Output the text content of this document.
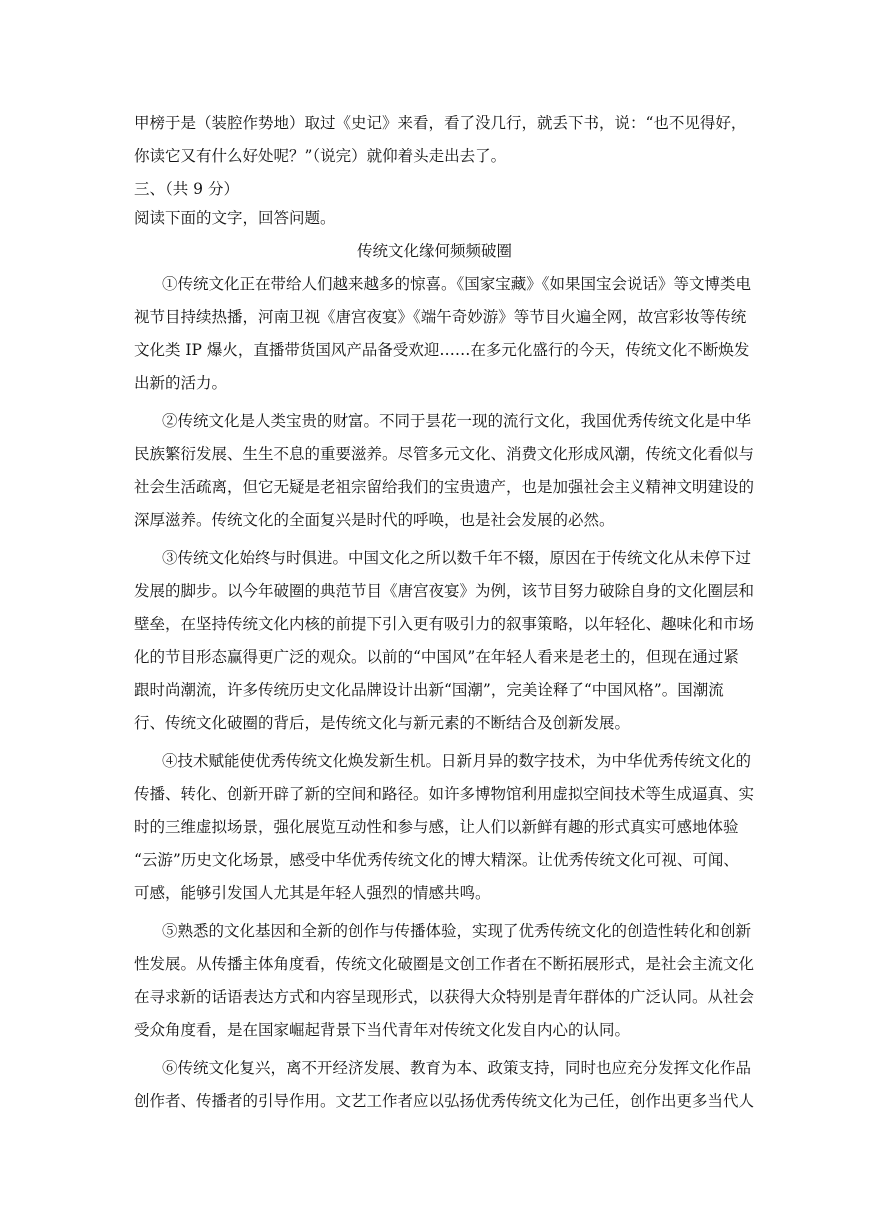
甲榜于是（装腔作势地）取过《史记》来看，看了没几行，就丢下书，说：“也不见得好，
你读它又有什么好处呢？”（说完）就仰着头走出去了。
三、（共 9 分）
阅读下面的文字，回答问题。
传统文化缘何频频破圈
①传统文化正在带给人们越来越多的惊喜。《国家宝藏》《如果国宝会说话》等文博类电
视节目持续热播，河南卫视《唐宫夜宴》《端午奇妙游》等节目火遍全网，故宫彩妆等传统
文化类 IP 爆火，直播带货国风产品备受欢迎……在多元化盛行的今天，传统文化不断焕发
出新的活力。
②传统文化是人类宝贵的财富。不同于昙花一现的流行文化，我国优秀传统文化是中华
民族繁衍发展、生生不息的重要滋养。尽管多元文化、消费文化形成风潮，传统文化看似与
社会生活疏离，但它无疑是老祖宗留给我们的宝贵遗产，也是加强社会主义精神文明建设的
深厚滋养。传统文化的全面复兴是时代的呼唤，也是社会发展的必然。
③传统文化始终与时俱进。中国文化之所以数千年不辍，原因在于传统文化从未停下过
发展的脚步。以今年破圈的典范节目《唐宫夜宴》为例，该节目努力破除自身的文化圈层和
壁垒，在坚持传统文化内核的前提下引入更有吸引力的叙事策略，以年轻化、趣味化和市场
化的节目形态赢得更广泛的观众。以前的“中国风”在年轻人看来是老土的，但现在通过紧
跟时尚潮流，许多传统历史文化品牌设计出新“国潮”，完美诠释了“中国风格”。国潮流
行、传统文化破圈的背后，是传统文化与新元素的不断结合及创新发展。
④技术赋能使优秀传统文化焕发新生机。日新月异的数字技术，为中华优秀传统文化的
传播、转化、创新开辟了新的空间和路径。如许多博物馆利用虚拟空间技术等生成逼真、实
时的三维虚拟场景，强化展览互动性和参与感，让人们以新鲜有趣的形式真实可感地体验
“云游”历史文化场景，感受中华优秀传统文化的博大精深。让优秀传统文化可视、可闻、
可感，能够引发国人尤其是年轻人强烈的情感共鸣。
⑤熟悉的文化基因和全新的创作与传播体验，实现了优秀传统文化的创造性转化和创新
性发展。从传播主体角度看，传统文化破圈是文创工作者在不断拓展形式，是社会主流文化
在寻求新的话语表达方式和内容呈现形式，以获得大众特别是青年群体的广泛认同。从社会
受众角度看，是在国家崛起背景下当代青年对传统文化发自内心的认同。
⑥传统文化复兴，离不开经济发展、教育为本、政策支持，同时也应充分发挥文化作品
创作者、传播者的引导作用。文艺工作者应以弘扬优秀传统文化为己任，创作出更多当代人
